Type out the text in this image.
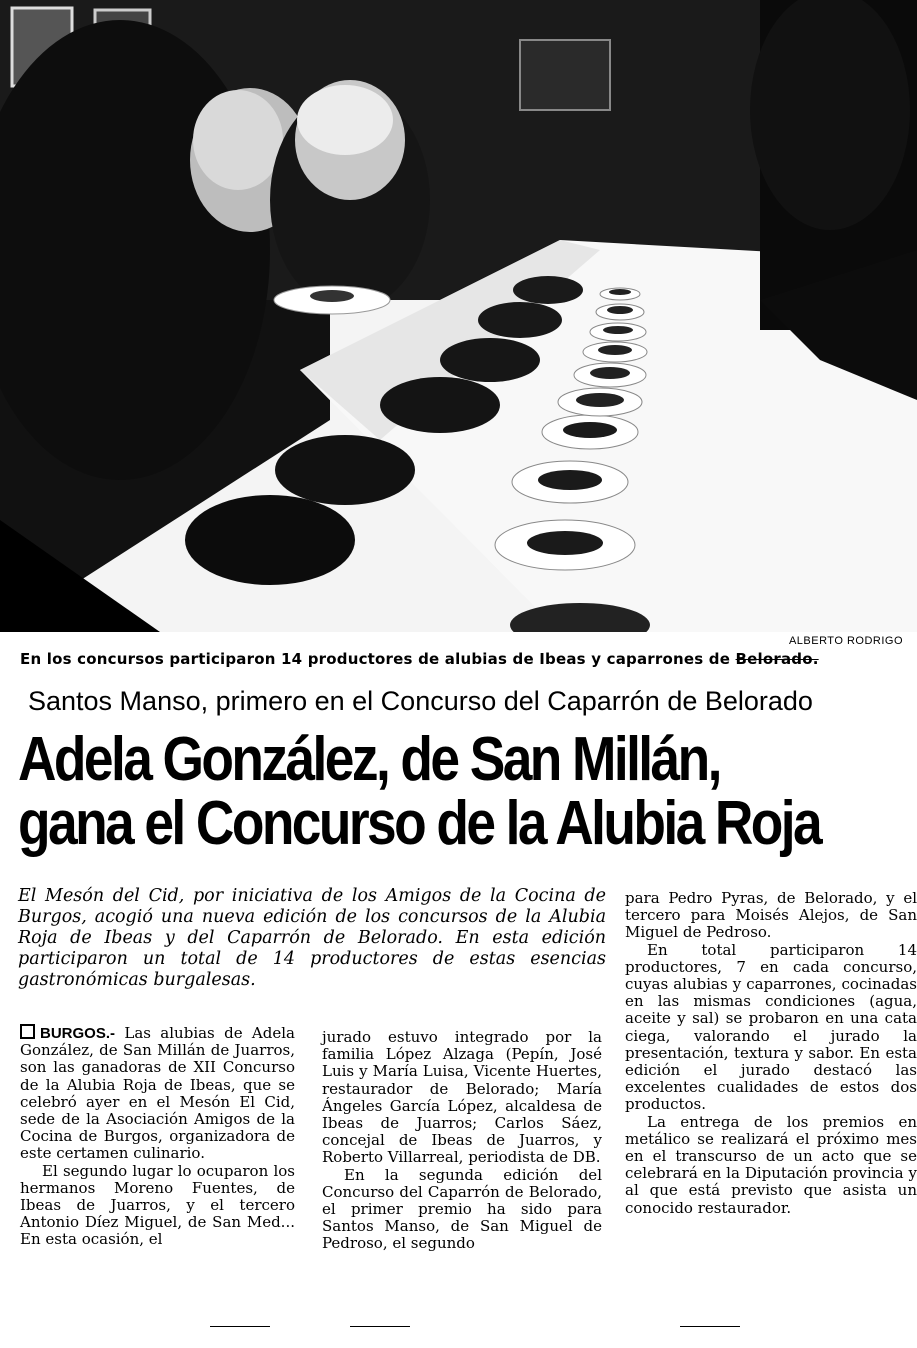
ALBERTO RODRIGO
En los concursos participaron 14 productores de alubias de Ibeas y caparrones de Belorado.
Santos Manso, primero en el Concurso del Caparrón de Belorado
Adela González, de San Millán,
gana el Concurso de la Alubia Roja
El Mesón del Cid, por iniciativa de los Amigos de la Cocina de Burgos, acogió una nueva edición de los concursos de la Alubia Roja de Ibeas y del Caparrón de Belorado. En esta edición participaron un total de 14 productores de estas esencias gastronómicas burgalesas.

BURGOS.- Las alubias de Adela González, de San Millán de Juarros, son las ganadoras de XII Concurso de la Alubia Roja de Ibeas, que se celebró ayer en el Mesón El Cid, sede de la Asociación Amigos de la Cocina de Burgos, organizadora de este certamen culinario.

El segundo lugar lo ocuparon los hermanos Moreno Fuentes, de Ibeas de Juarros, y el tercero Antonio Díez Miguel, de San Med... En esta ocasión, el

jurado estuvo integrado por la familia López Alzaga (Pepín, José Luis y María Luisa, Vicente Huertes, restaurador de Belorado; María Ángeles García López, alcaldesa de Ibeas de Juarros; Carlos Sáez, concejal de Ibeas de Juarros, y Roberto Villarreal, periodista de DB.

En la segunda edición del Concurso del Caparrón de Belorado, el primer premio ha sido para Santos Manso, de San Miguel de Pedroso, el segundo

para Pedro Pyras, de Belorado, y el tercero para Moisés Alejos, de San Miguel de Pedroso.

En total participaron 14 productores, 7 en cada concurso, cuyas alubias y caparrones, cocinadas en las mismas condiciones (agua, aceite y sal) se probaron en una cata ciega, valorando el jurado la presentación, textura y sabor. En esta edición el jurado destacó las excelentes cualidades de estos dos productos.

La entrega de los premios en metálico se realizará el próximo mes en el transcurso de un acto que se celebrará en la Diputación provincia y al que está previsto que asista un conocido restaurador.
